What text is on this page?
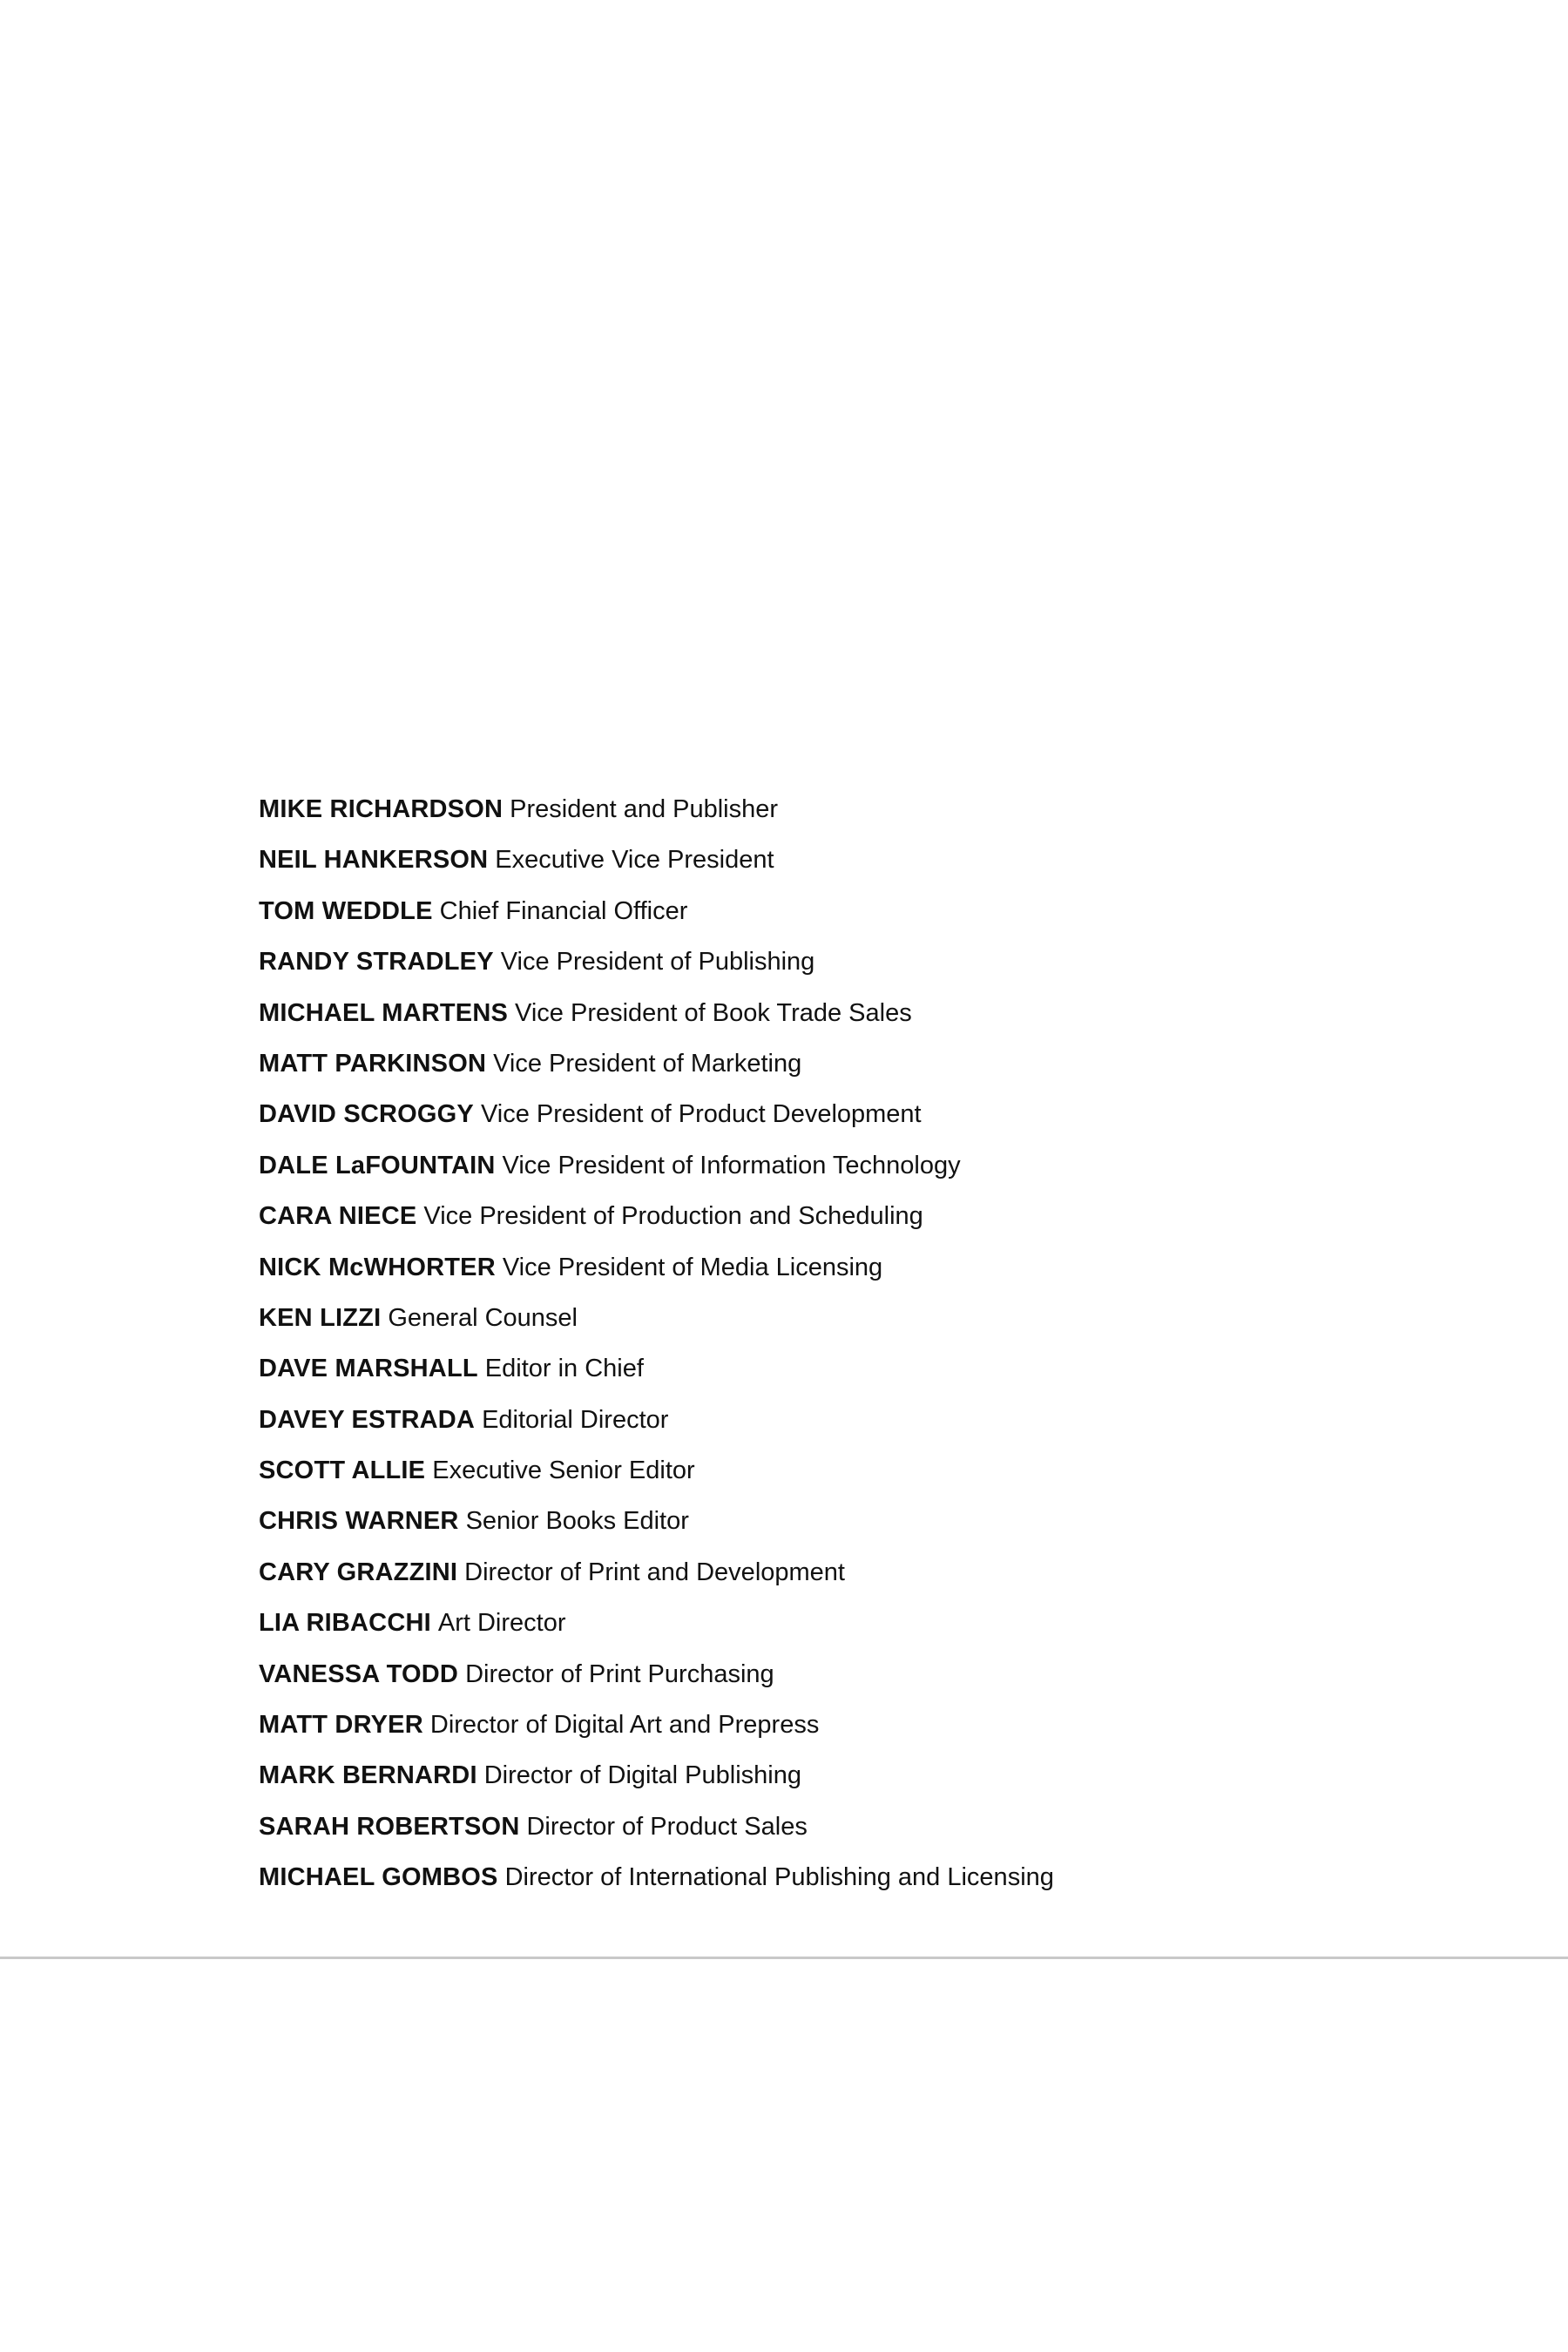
MIKE RICHARDSON President and Publisher
NEIL HANKERSON Executive Vice President
TOM WEDDLE Chief Financial Officer
RANDY STRADLEY Vice President of Publishing
MICHAEL MARTENS Vice President of Book Trade Sales
MATT PARKINSON Vice President of Marketing
DAVID SCROGGY Vice President of Product Development
DALE LaFOUNTAIN Vice President of Information Technology
CARA NIECE Vice President of Production and Scheduling
NICK McWHORTER Vice President of Media Licensing
KEN LIZZI General Counsel
DAVE MARSHALL Editor in Chief
DAVEY ESTRADA Editorial Director
SCOTT ALLIE Executive Senior Editor
CHRIS WARNER Senior Books Editor
CARY GRAZZINI Director of Print and Development
LIA RIBACCHI Art Director
VANESSA TODD Director of Print Purchasing
MATT DRYER Director of Digital Art and Prepress
MARK BERNARDI Director of Digital Publishing
SARAH ROBERTSON Director of Product Sales
MICHAEL GOMBOS Director of International Publishing and Licensing
